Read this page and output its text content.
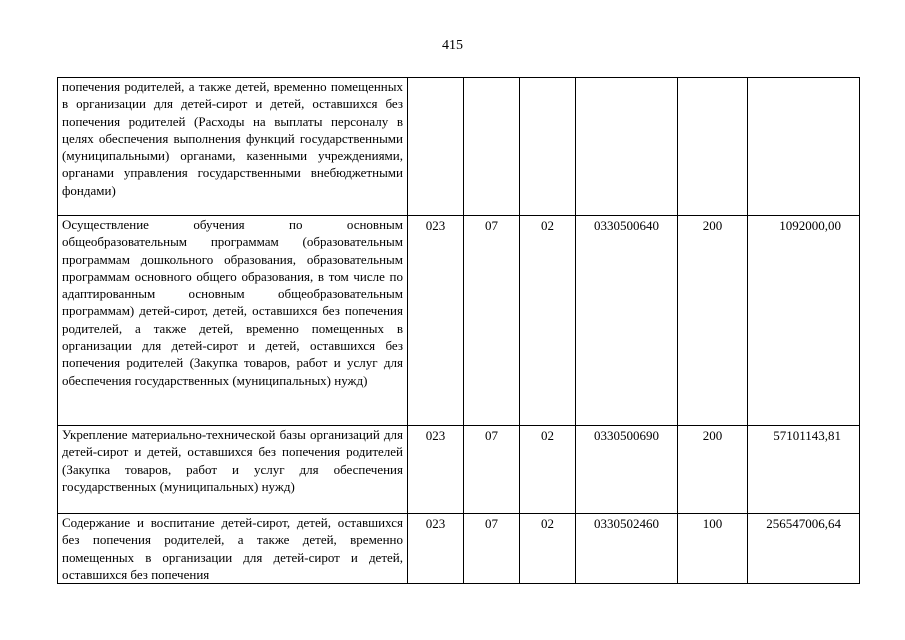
415
попечения родителей, а также детей, временно помещенных в организации для детей-сирот и детей, оставшихся без попечения родителей (Расходы на выплаты персоналу в целях обеспечения выполнения функций государственными (муниципальными) органами, казенными учреждениями, органами управления государственными внебюджетными фондами)						
Осуществление обучения по основным общеобразовательным программам (образовательным программам дошкольного образования, образовательным программам основного общего образования, в том числе по адаптированным основным общеобразовательным программам) детей-сирот, детей, оставшихся без попечения родителей, а также детей, временно помещенных в организации для детей-сирот и детей, оставшихся без попечения родителей (Закупка товаров, работ и услуг для обеспечения государственных (муниципальных) нужд)	023	07	02	0330500640	200	1092000,00
Укрепление материально-технической базы организаций для детей-сирот и детей, оставшихся без попечения родителей (Закупка товаров, работ и услуг для обеспечения государственных (муниципальных) нужд)	023	07	02	0330500690	200	57101143,81
Содержание и воспитание детей-сирот, детей, оставшихся без попечения родителей, а также детей, временно помещенных в организации для детей-сирот и детей, оставшихся без попечения	023	07	02	0330502460	100	256547006,64
